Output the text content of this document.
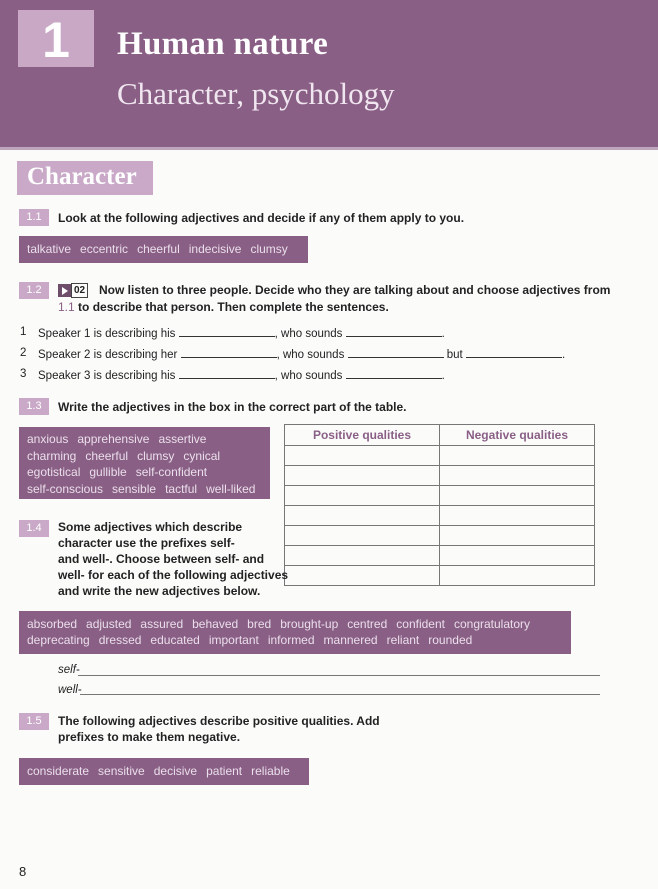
1	Human nature
Character, psychology
Character
1.1	Look at the following adjectives and decide if any of them apply to you.
talkative eccentric cheerful indecisive clumsy
1.2	02 Now listen to three people. Decide who they are talking about and choose adjectives from
1.1 to describe that person. Then complete the sentences.
1 Speaker 1 is describing his	, who sounds	.
2 Speaker 2 is describing her	, who sounds	but	.
3 Speaker 3 is describing his	, who sounds	.
1.3	Write the adjectives in the box in the correct part of the table.
anxious apprehensive assertive
charming cheerful clumsy cynical
egotistical gullible self-confident
self-conscious sensible tactful well-liked
Positive qualities	Negative qualities

1.4	Some adjectives which describe
character use the prefixes self-
and well-. Choose between self- and
well- for each of the following adjectives
and write the new adjectives below.
absorbed adjusted assured behaved bred brought-up centred confident congratulatory
deprecating dressed educated important informed mannered reliant rounded
self-
well-
1.5	The following adjectives describe positive qualities. Add
prefixes to make them negative.
considerate sensitive decisive patient reliable
8
